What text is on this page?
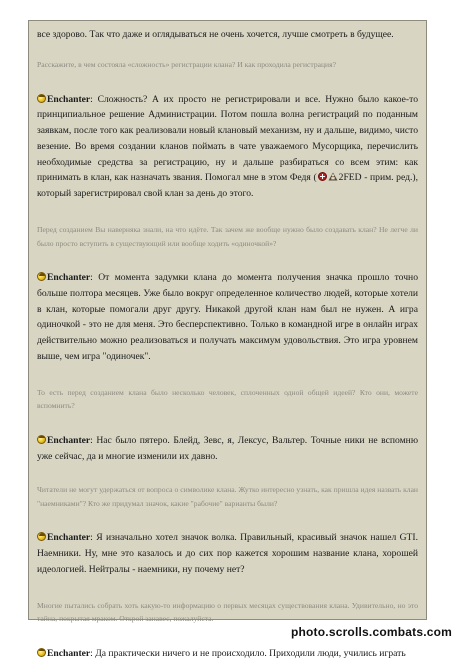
все здорово. Так что даже и оглядываться не очень хочется, лучше смотреть в будущее.

Расскажите, в чем состояла «сложность» регистрации клана? И как проходила регистрация?

Enchanter: Сложность? А их просто не регистрировали и все. Нужно было какое-то принципиальное решение Администрации. Потом пошла волна регистраций по поданным заявкам, после того как реализовали новый клановый механизм, ну и дальше, видимо, чисто везение. Во время создании кланов поймать в чате уважаемого Мусорщика, перечислить необходимые средства за регистрацию, ну и дальше разбираться со всем этим: как принимать в клан, как назначать звания. Помогал мне в этом Федя ( 2FED - прим. ред.), который зарегистрировал свой клан за день до этого.

Перед созданием Вы наверняка знали, на что идёте. Так зачем же вообще нужно было создавать клан? Не легче ли было просто вступить в существующий или вообще ходить «одиночкой»?

Enchanter: От момента задумки клана до момента получения значка прошло точно больше полтора месяцев. Уже было вокруг определенное количество людей, которые хотели в клан, которые помогали друг другу. Никакой другой клан нам был не нужен. А игра одиночкой - это не для меня. Это бесперспективно. Только в командной игре в онлайн играх действительно можно реализоваться и получать максимум удовольствия. Это игра уровнем выше, чем игра "одиночек".

То есть перед созданием клана было несколько человек, сплоченных одной общей идеей? Кто они, можете вспомнить?

Enchanter: Нас было пятеро. Блейд, Зевс, я, Лексус, Вальтер. Точные ники не вспомню уже сейчас, да и многие изменили их давно.

Читатели не могут удержаться от вопроса о символике клана. Жутко интересно узнать, как пришла идея назвать клан "наемниками"? Кто же придумал значок, какие "рабочие" варианты были?

Enchanter: Я изначально хотел значок волка. Правильный, красивый значок нашел GTI. Наемники. Ну, мне это казалось и до сих пор кажется хорошим название клана, хорошей идеологией. Нейтралы - наемники, ну почему нет?

Многие пытались собрать хоть какую-то информацию о первых месяцах существования клана. Удивительно, но это тайна, покрытая мраком. Открой занавес, пожалуйста.

Enchanter: Да практически ничего и не происходило. Приходили люди, учились играть

photo.scrolls.combats.com
